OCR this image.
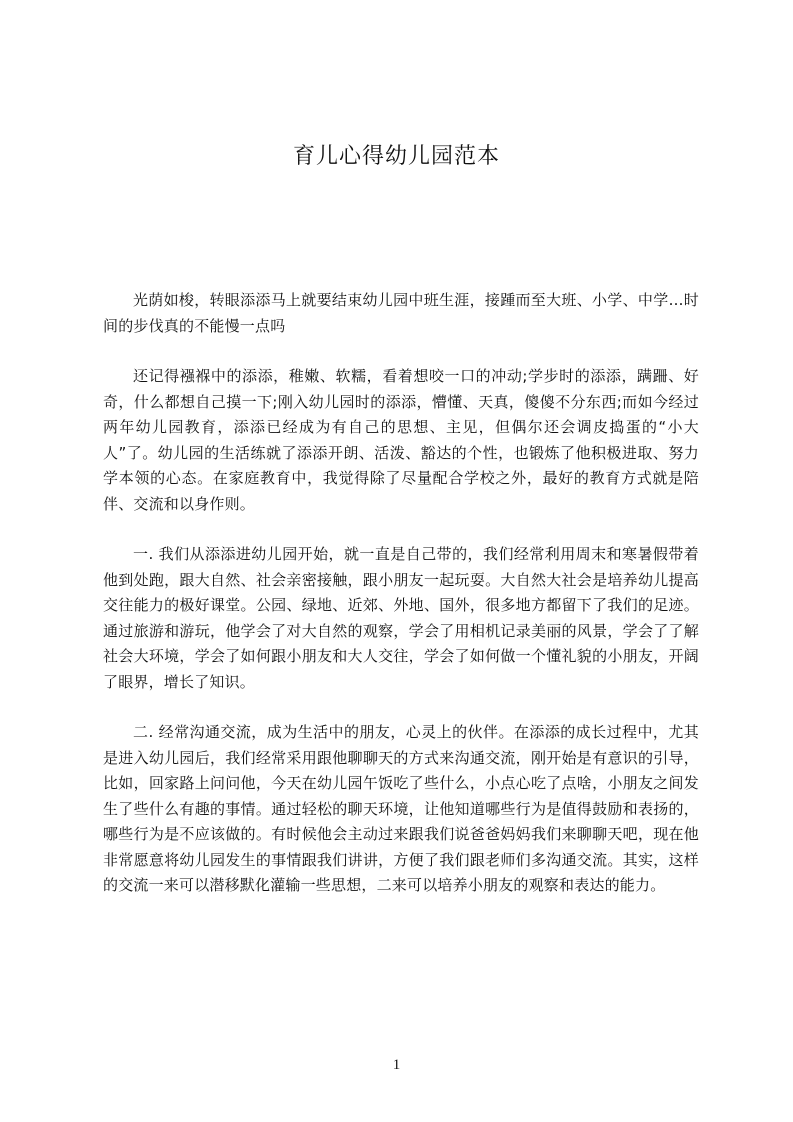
育儿心得幼儿园范本

光荫如梭，转眼添添马上就要结束幼儿园中班生涯，接踵而至大班、小学、中学…时间的步伐真的不能慢一点吗

还记得襁褓中的添添，稚嫩、软糯，看着想咬一口的冲动;学步时的添添，蹒跚、好奇，什么都想自己摸一下;刚入幼儿园时的添添，懵懂、天真，傻傻不分东西;而如今经过两年幼儿园教育，添添已经成为有自己的思想、主见，但偶尔还会调皮捣蛋的“小大人”了。幼儿园的生活练就了添添开朗、活泼、豁达的个性，也锻炼了他积极进取、努力学本领的心态。在家庭教育中，我觉得除了尽量配合学校之外，最好的教育方式就是陪伴、交流和以身作则。

一. 我们从添添进幼儿园开始，就一直是自己带的，我们经常利用周末和寒暑假带着他到处跑，跟大自然、社会亲密接触，跟小朋友一起玩耍。大自然大社会是培养幼儿提高交往能力的极好课堂。公园、绿地、近郊、外地、国外，很多地方都留下了我们的足迹。通过旅游和游玩，他学会了对大自然的观察，学会了用相机记录美丽的风景，学会了了解社会大环境，学会了如何跟小朋友和大人交往，学会了如何做一个懂礼貌的小朋友，开阔了眼界，增长了知识。

二. 经常沟通交流，成为生活中的朋友，心灵上的伙伴。在添添的成长过程中，尤其是进入幼儿园后，我们经常采用跟他聊聊天的方式来沟通交流，刚开始是有意识的引导，比如，回家路上问问他，今天在幼儿园午饭吃了些什么，小点心吃了点啥，小朋友之间发生了些什么有趣的事情。通过轻松的聊天环境，让他知道哪些行为是值得鼓励和表扬的，哪些行为是不应该做的。有时候他会主动过来跟我们说爸爸妈妈我们来聊聊天吧，现在他非常愿意将幼儿园发生的事情跟我们讲讲，方便了我们跟老师们多沟通交流。其实，这样的交流一来可以潜移默化灌输一些思想，二来可以培养小朋友的观察和表达的能力。

1
